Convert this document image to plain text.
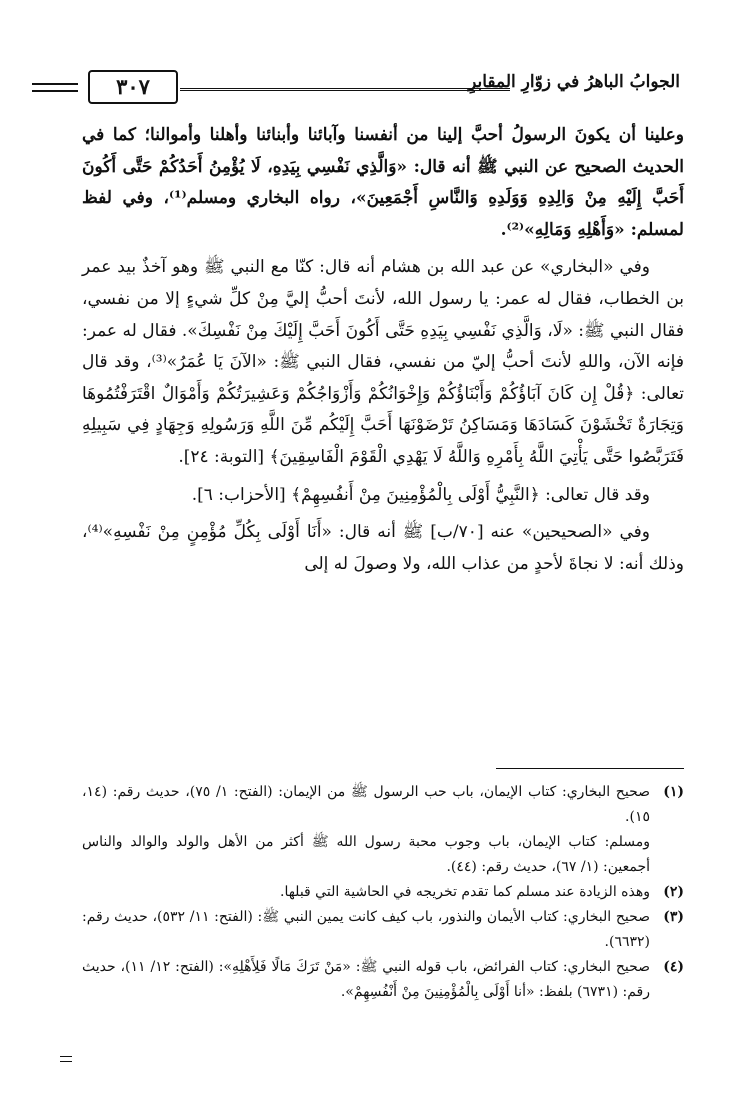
٣٠٧	الجوابُ الباهرُ في زوّارِ المقابرِ

وعلينا أن يكونَ الرسولُ أحبَّ إلينا من أنفسنا وآبائنا وأبنائنا وأهلنا وأموالنا؛ كما في الحديث الصحيح عن النبي ﷺ أنه قال: «وَالَّذِي نَفْسِي بِيَدِهِ، لَا يُؤْمِنُ أَحَدُكُمْ حَتَّى أَكُونَ أَحَبَّ إِلَيْهِ مِنْ وَالِدِهِ وَوَلَدِهِ وَالنَّاسِ أَجْمَعِينَ»، رواه البخاري ومسلم⁽¹⁾، وفي لفظ لمسلم: «وَأَهْلِهِ وَمَالِهِ»⁽²⁾.

وفي «البخاري» عن عبد الله بن هشام أنه قال: كنّا مع النبي ﷺ وهو آخذٌ بيد عمر بن الخطاب، فقال له عمر: يا رسول الله، لأنتَ أحبُّ إليَّ مِنْ كلِّ شيءٍ إلا من نفسي، فقال النبي ﷺ: «لَا، وَالَّذِي نَفْسِي بِيَدِهِ حَتَّى أَكُونَ أَحَبَّ إِلَيْكَ مِنْ نَفْسِكَ». فقال له عمر: فإنه الآن، واللهِ لأنتَ أحبُّ إليّ من نفسي، فقال النبي ﷺ: «الآنَ يَا عُمَرُ»⁽³⁾، وقد قال تعالى: ﴿قُلْ إِن كَانَ آبَاؤُكُمْ وَأَبْنَاؤُكُمْ وَإِخْوَانُكُمْ وَأَزْوَاجُكُمْ وَعَشِيرَتُكُمْ وَأَمْوَالٌ اقْتَرَفْتُمُوهَا وَتِجَارَةٌ تَخْشَوْنَ كَسَادَهَا وَمَسَاكِنُ تَرْضَوْنَهَا أَحَبَّ إِلَيْكُم مِّنَ اللَّهِ وَرَسُولِهِ وَجِهَادٍ فِي سَبِيلِهِ فَتَرَبَّصُوا حَتَّى يَأْتِيَ اللَّهُ بِأَمْرِهِ وَاللَّهُ لَا يَهْدِي الْقَوْمَ الْفَاسِقِينَ﴾ [التوبة: ٢٤].

وقد قال تعالى: ﴿النَّبِيُّ أَوْلَى بِالْمُؤْمِنِينَ مِنْ أَنفُسِهِمْ﴾ [الأحزاب: ٦].

وفي «الصحيحين» عنه [٧٠/ب] ﷺ أنه قال: «أَنَا أَوْلَى بِكُلِّ مُؤْمِنٍ مِنْ نَفْسِهِ»⁽⁴⁾، وذلك أنه: لا نجاةَ لأحدٍ من عذاب الله، ولا وصولَ له إلى

(١)
صحيح البخاري: كتاب الإيمان، باب حب الرسول ﷺ من الإيمان: (الفتح: ١/ ٧٥)، حديث رقم: (١٤، ١٥).

ومسلم: كتاب الإيمان، باب وجوب محبة رسول الله ﷺ أكثر من الأهل والولد والوالد والناس أجمعين: (١/ ٦٧)، حديث رقم: (٤٤).

(٢)
وهذه الزيادة عند مسلم كما تقدم تخريجه في الحاشية التي قبلها.
(٣)
صحيح البخاري: كتاب الأيمان والنذور، باب كيف كانت يمين النبي ﷺ: (الفتح: ١١/ ٥٣٢)، حديث رقم: (٦٦٣٢).
(٤)
صحيح البخاري: كتاب الفرائض، باب قوله النبي ﷺ: «مَنْ تَرَكَ مَالًا فَلِأَهْلِهِ»: (الفتح: ١٢/ ١١)، حديث رقم: (٦٧٣١) بلفظ: «أنا أَوْلَى بِالْمُؤْمِنِينَ مِنْ أَنْفُسِهِمْ».
